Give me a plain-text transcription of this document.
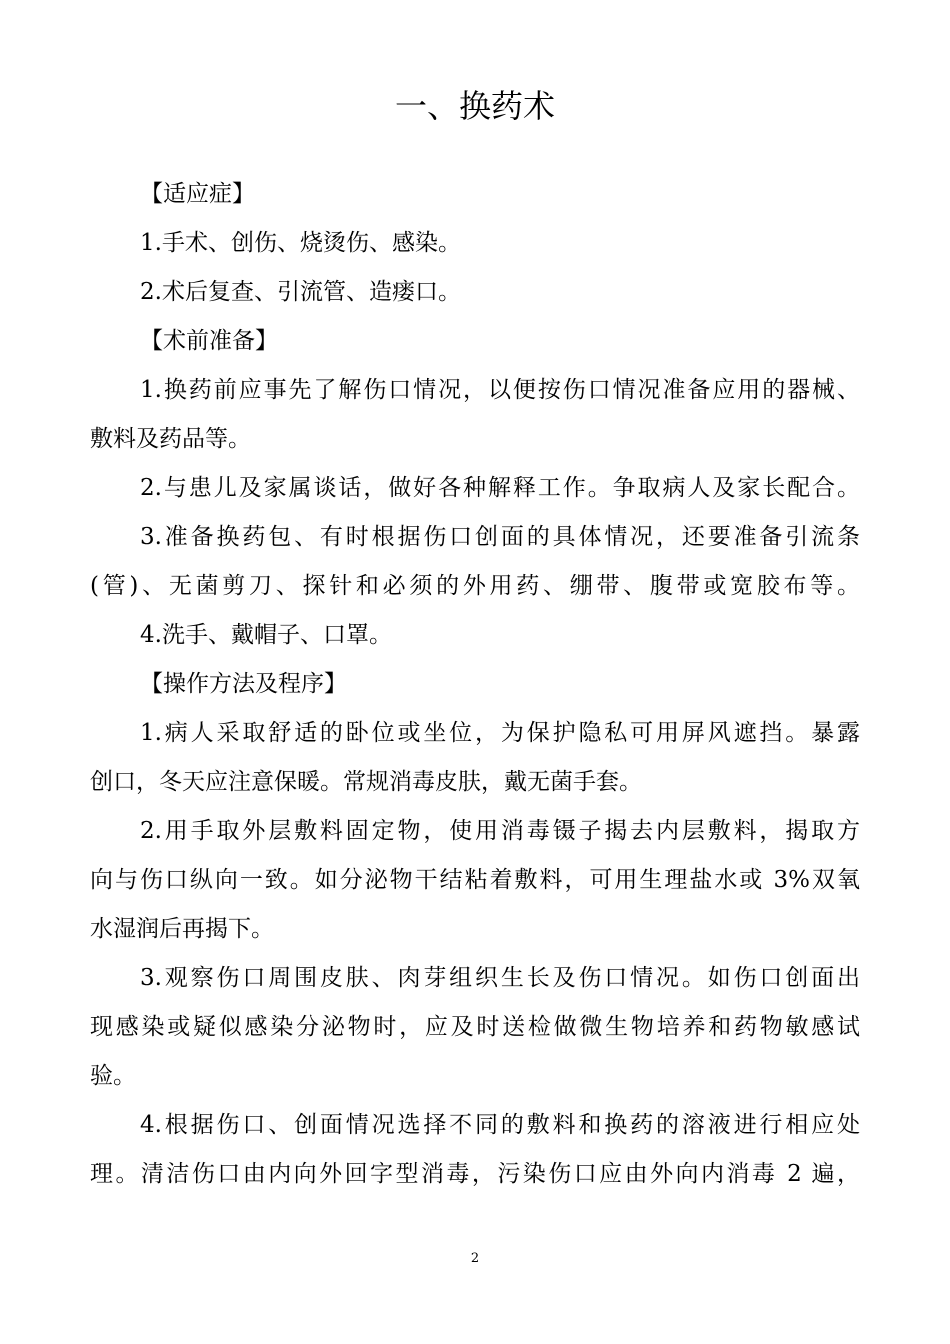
一、换药术
【适应症】
1.手术、创伤、烧烫伤、感染。
2.术后复查、引流管、造瘘口。
【术前准备】
1.换药前应事先了解伤口情况，以便按伤口情况准备应用的器械、
敷料及药品等。
2.与患儿及家属谈话，做好各种解释工作。争取病人及家长配合。
3.准备换药包、有时根据伤口创面的具体情况，还要准备引流条
(管)、无菌剪刀、探针和必须的外用药、绷带、腹带或宽胶布等。
4.洗手、戴帽子、口罩。
【操作方法及程序】
1.病人采取舒适的卧位或坐位，为保护隐私可用屏风遮挡。暴露
创口，冬天应注意保暖。常规消毒皮肤，戴无菌手套。
2.用手取外层敷料固定物，使用消毒镊子揭去内层敷料，揭取方
向与伤口纵向一致。如分泌物干结粘着敷料，可用生理盐水或 3%双氧
水湿润后再揭下。
3.观察伤口周围皮肤、肉芽组织生长及伤口情况。如伤口创面出
现感染或疑似感染分泌物时，应及时送检做微生物培养和药物敏感试
验。
4.根据伤口、创面情况选择不同的敷料和换药的溶液进行相应处
理。清洁伤口由内向外回字型消毒，污染伤口应由外向内消毒 2 遍，
2
